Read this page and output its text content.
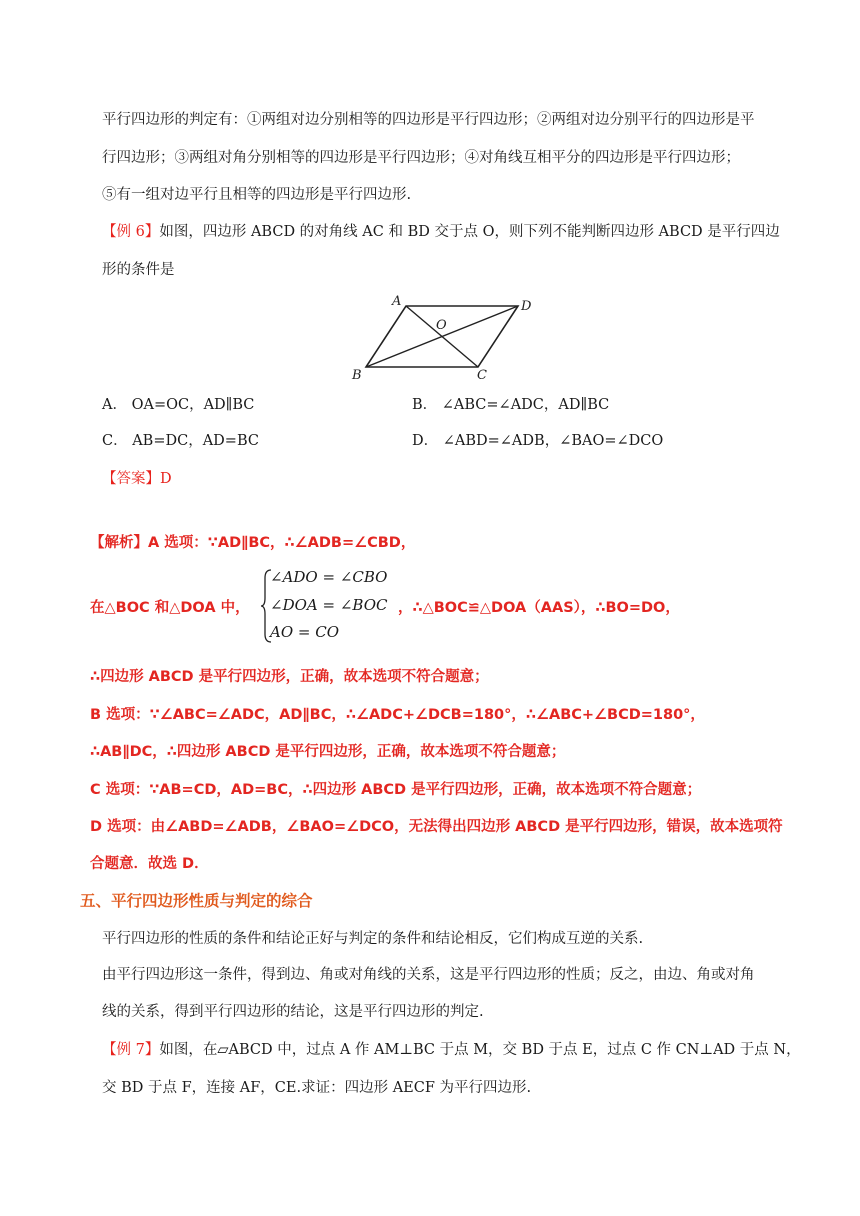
平行四边形的判定有：①两组对边分别相等的四边形是平行四边形；②两组对边分别平行的四边形是平
行四边形；③两组对角分别相等的四边形是平行四边形；④对角线互相平分的四边形是平行四边形；
⑤有一组对边平行且相等的四边形是平行四边形.
【例 6】如图，四边形 ABCD 的对角线 AC 和 BD 交于点 O，则下列不能判断四边形 ABCD 是平行四边
形的条件是
A	D
B	C
O
A． OA=OC，AD∥BC	B． ∠ABC=∠ADC，AD∥BC
C． AB=DC，AD=BC	D． ∠ABD=∠ADB，∠BAO=∠DCO
【答案】D
【解析】A 选项：∵AD∥BC，∴∠ADB=∠CBD，
在△BOC 和△DOA 中，
∠ADO = ∠CBO
∠DOA = ∠BOC
AO = CO
，∴△BOC≌△DOA（AAS），∴BO=DO，
∴四边形 ABCD 是平行四边形，正确，故本选项不符合题意；
B 选项：∵∠ABC=∠ADC，AD∥BC，∴∠ADC+∠DCB=180°，∴∠ABC+∠BCD=180°，
∴AB∥DC，∴四边形 ABCD 是平行四边形，正确，故本选项不符合题意；
C 选项：∵AB=CD，AD=BC，∴四边形 ABCD 是平行四边形，正确，故本选项不符合题意；
D 选项：由∠ABD=∠ADB，∠BAO=∠DCO，无法得出四边形 ABCD 是平行四边形，错误，故本选项符
合题意．故选 D．
五、平行四边形性质与判定的综合
平行四边形的性质的条件和结论正好与判定的条件和结论相反，它们构成互逆的关系.
由平行四边形这一条件，得到边、角或对角线的关系，这是平行四边形的性质；反之，由边、角或对角
线的关系，得到平行四边形的结论，这是平行四边形的判定.
【例 7】如图，在▱ABCD 中，过点 A 作 AM⊥BC 于点 M，交 BD 于点 E，过点 C 作 CN⊥AD 于点 N，
交 BD 于点 F，连接 AF，CE.求证：四边形 AECF 为平行四边形.
